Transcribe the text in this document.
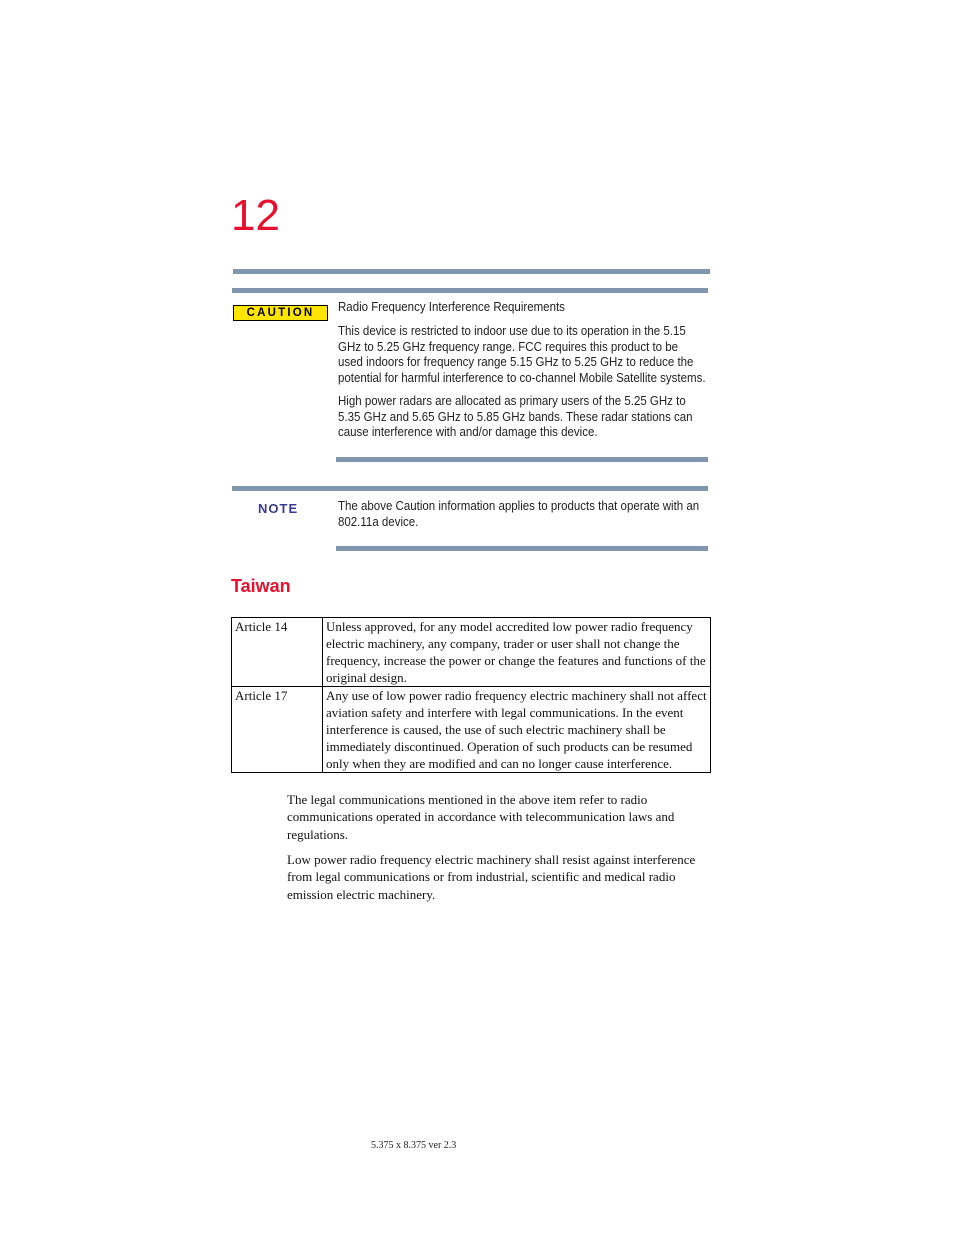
12
CAUTION	Radio Frequency Interference Requirements
This device is restricted to indoor use due to its operation in the 5.15 GHz to 5.25 GHz frequency range. FCC requires this product to be used indoors for frequency range 5.15 GHz to 5.25 GHz to reduce the potential for harmful interference to co-channel Mobile Satellite systems.
High power radars are allocated as primary users of the 5.25 GHz to 5.35 GHz and 5.65 GHz to 5.85 GHz bands. These radar stations can cause interference with and/or damage this device.
NOTE	The above Caution information applies to products that operate with an 802.11a device.
Taiwan
Article 14	Unless approved, for any model accredited low power radio frequency electric machinery, any company, trader or user shall not change the frequency, increase the power or change the features and functions of the original design.
Article 17	Any use of low power radio frequency electric machinery shall not affect aviation safety and interfere with legal communications. In the event interference is caused, the use of such electric machinery shall be immediately discontinued. Operation of such products can be resumed only when they are modified and can no longer cause interference.
The legal communications mentioned in the above item refer to radio communications operated in accordance with telecommunication laws and regulations.
Low power radio frequency electric machinery shall resist against interference from legal communications or from industrial, scientific and medical radio emission electric machinery.
5.375 x 8.375 ver 2.3
